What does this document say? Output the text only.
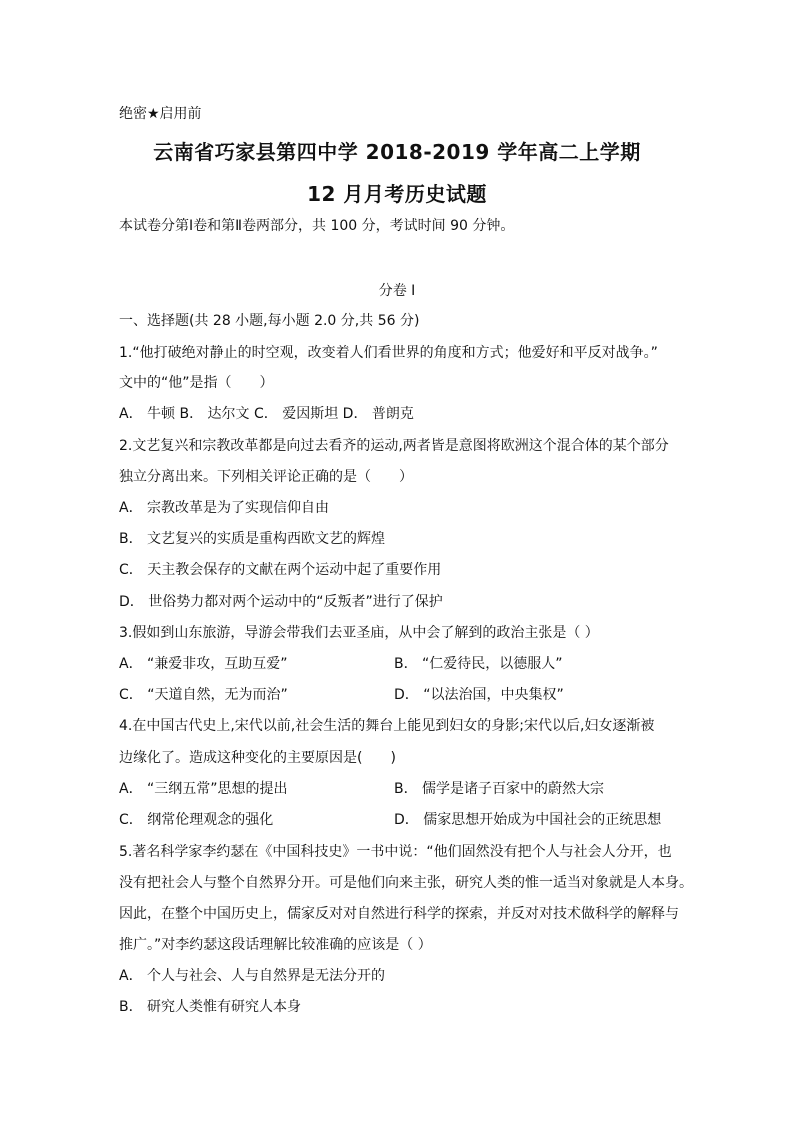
绝密★启用前
云南省巧家县第四中学 2018-2019 学年高二上学期
12 月月考历史试题
本试卷分第Ⅰ卷和第Ⅱ卷两部分，共 100 分，考试时间 90 分钟。
分卷 I
一、选择题(共 28 小题,每小题 2.0 分,共 56 分)
1.“他打破绝对静止的时空观，改变着人们看世界的角度和方式；他爱好和平反对战争。”
文中的“他”是指（　　）
A． 牛顿 B． 达尔文 C． 爱因斯坦 D． 普朗克
2.文艺复兴和宗教改革都是向过去看齐的运动,两者皆是意图将欧洲这个混合体的某个部分
独立分离出来。下列相关评论正确的是（　　）
A． 宗教改革是为了实现信仰自由
B． 文艺复兴的实质是重构西欧文艺的辉煌
C． 天主教会保存的文献在两个运动中起了重要作用
D． 世俗势力都对两个运动中的“反叛者”进行了保护
3.假如到山东旅游，导游会带我们去亚圣庙，从中会了解到的政治主张是（ ）
A． “兼爱非攻，互助互爱”	B． “仁爱待民，以德服人”
C． “天道自然，无为而治”	D． “以法治国，中央集权”
4.在中国古代史上,宋代以前,社会生活的舞台上能见到妇女的身影;宋代以后,妇女逐渐被
边缘化了。造成这种变化的主要原因是(　　)
A． “三纲五常”思想的提出	B． 儒学是诸子百家中的蔚然大宗
C． 纲常伦理观念的强化	D． 儒家思想开始成为中国社会的正统思想
5.著名科学家李约瑟在《中国科技史》一书中说：“他们固然没有把个人与社会人分开，也
没有把社会人与整个自然界分开。可是他们向来主张，研究人类的惟一适当对象就是人本身。
因此，在整个中国历史上，儒家反对对自然进行科学的探索，并反对对技术做科学的解释与
推广。”对李约瑟这段话理解比较准确的应该是（ ）
A． 个人与社会、人与自然界是无法分开的
B． 研究人类惟有研究人本身
